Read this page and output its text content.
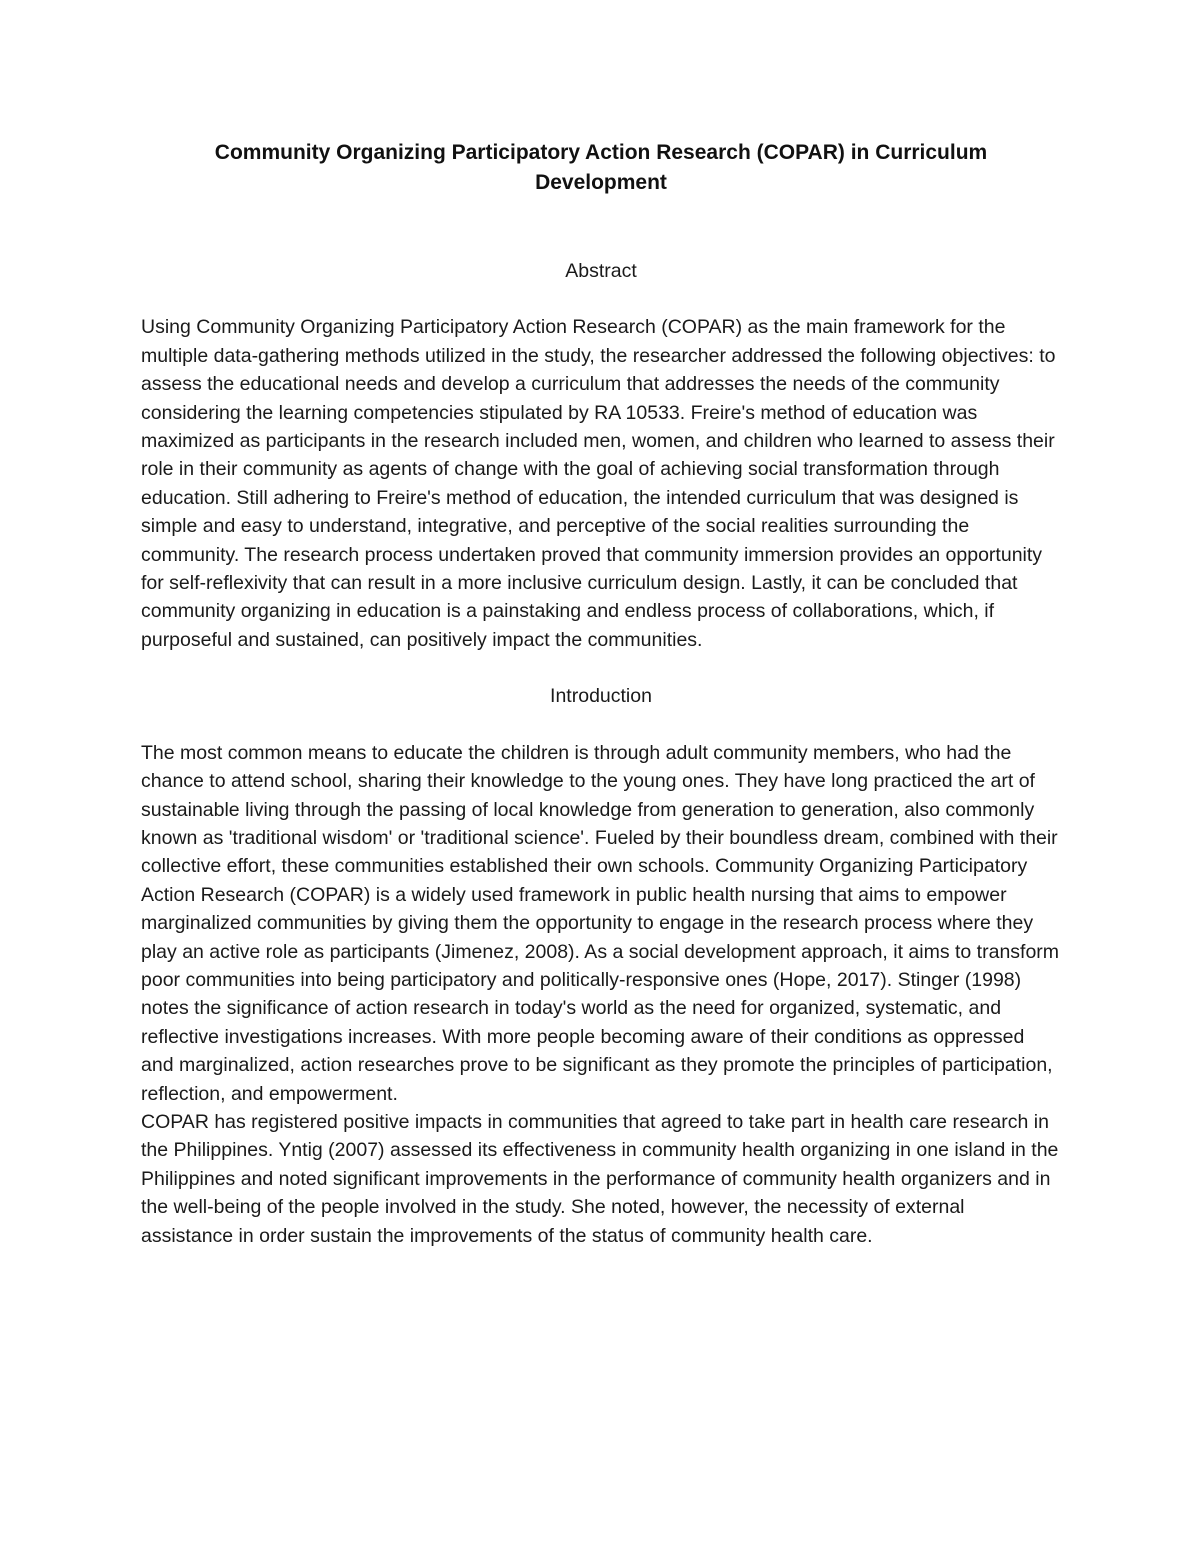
Community Organizing Participatory Action Research (COPAR) in Curriculum Development
Abstract

Using Community Organizing Participatory Action Research (COPAR) as the main framework for the multiple data-gathering methods utilized in the study, the researcher addressed the following objectives: to assess the educational needs and develop a curriculum that addresses the needs of the community considering the learning competencies stipulated by RA 10533. Freire's method of education was maximized as participants in the research included men, women, and children who learned to assess their role in their community as agents of change with the goal of achieving social transformation through education. Still adhering to Freire's method of education, the intended curriculum that was designed is simple and easy to understand, integrative, and perceptive of the social realities surrounding the community. The research process undertaken proved that community immersion provides an opportunity for self-reflexivity that can result in a more inclusive curriculum design. Lastly, it can be concluded that community organizing in education is a painstaking and endless process of collaborations, which, if purposeful and sustained, can positively impact the communities.

Introduction

The most common means to educate the children is through adult community members, who had the chance to attend school, sharing their knowledge to the young ones. They have long practiced the art of sustainable living through the passing of local knowledge from generation to generation, also commonly known as 'traditional wisdom' or 'traditional science'. Fueled by their boundless dream, combined with their collective effort, these communities established their own schools. Community Organizing Participatory Action Research (COPAR) is a widely used framework in public health nursing that aims to empower marginalized communities by giving them the opportunity to engage in the research process where they play an active role as participants (Jimenez, 2008). As a social development approach, it aims to transform poor communities into being participatory and politically-responsive ones (Hope, 2017). Stinger (1998) notes the significance of action research in today's world as the need for organized, systematic, and reflective investigations increases. With more people becoming aware of their conditions as oppressed and marginalized, action researches prove to be significant as they promote the principles of participation, reflection, and empowerment.

COPAR has registered positive impacts in communities that agreed to take part in health care research in the Philippines. Yntig (2007) assessed its effectiveness in community health organizing in one island in the Philippines and noted significant improvements in the performance of community health organizers and in the well-being of the people involved in the study. She noted, however, the necessity of external assistance in order sustain the improvements of the status of community health care.
